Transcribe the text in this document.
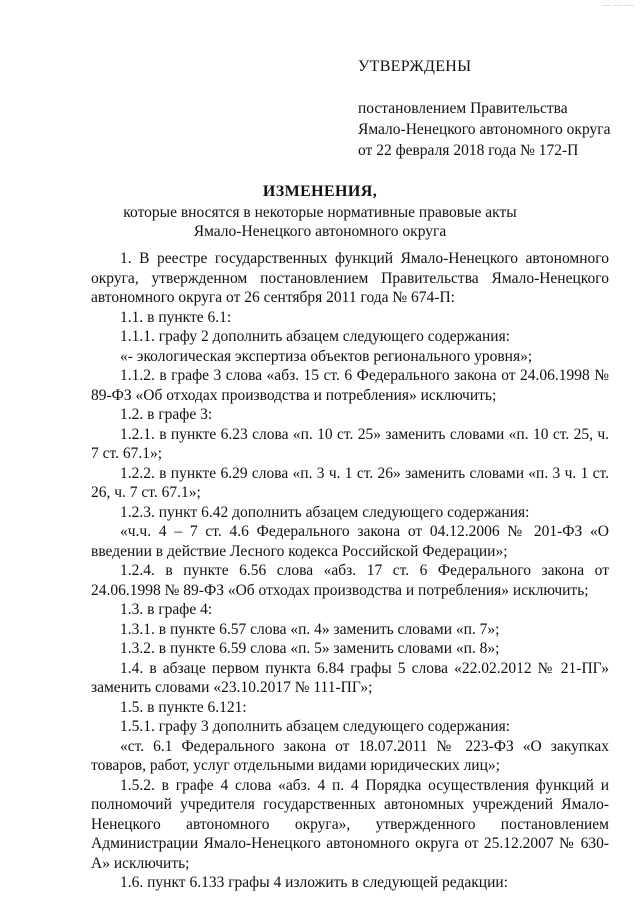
— — —
УТВЕРЖДЕНЫ
постановлением Правительства
Ямало-Ненецкого автономного округа
от 22 февраля 2018 года № 172-П
ИЗМЕНЕНИЯ,
которые вносятся в некоторые нормативные правовые акты
Ямало-Ненецкого автономного округа

1. В реестре государственных функций Ямало-Ненецкого автономного округа, утвержденном постановлением Правительства Ямало-Ненецкого автономного округа от 26 сентября 2011 года № 674-П:

1.1. в пункте 6.1:

1.1.1. графу 2 дополнить абзацем следующего содержания:

«- экологическая экспертиза объектов регионального уровня»;

1.1.2. в графе 3 слова «абз. 15 ст. 6 Федерального закона от 24.06.1998 № 89-ФЗ «Об отходах производства и потребления» исключить;

1.2. в графе 3:

1.2.1. в пункте 6.23 слова «п. 10 ст. 25» заменить словами «п. 10 ст. 25, ч. 7 ст. 67.1»;

1.2.2. в пункте 6.29 слова «п. 3 ч. 1 ст. 26» заменить словами «п. 3 ч. 1 ст. 26, ч. 7 ст. 67.1»;

1.2.3. пункт 6.42 дополнить абзацем следующего содержания:

«ч.ч. 4 – 7 ст. 4.6 Федерального закона от 04.12.2006 № 201-ФЗ «О введении в действие Лесного кодекса Российской Федерации»;

1.2.4. в пункте 6.56 слова «абз. 17 ст. 6 Федерального закона от 24.06.1998 № 89-ФЗ «Об отходах производства и потребления» исключить;

1.3. в графе 4:

1.3.1. в пункте 6.57 слова «п. 4» заменить словами «п. 7»;

1.3.2. в пункте 6.59 слова «п. 5» заменить словами «п. 8»;

1.4. в абзаце первом пункта 6.84 графы 5 слова «22.02.2012 № 21-ПГ» заменить словами «23.10.2017 № 111-ПГ»;

1.5. в пункте 6.121:

1.5.1. графу 3 дополнить абзацем следующего содержания:

«ст. 6.1 Федерального закона от 18.07.2011 № 223-ФЗ «О закупках товаров, работ, услуг отдельными видами юридических лиц»;

1.5.2. в графе 4 слова «абз. 4 п. 4 Порядка осуществления функций и полномочий учредителя государственных автономных учреждений Ямало-Ненецкого автономного округа», утвержденного постановлением Администрации Ямало-Ненецкого автономного округа от 25.12.2007 № 630-А» исключить;

1.6. пункт 6.133 графы 4 изложить в следующей редакции:
